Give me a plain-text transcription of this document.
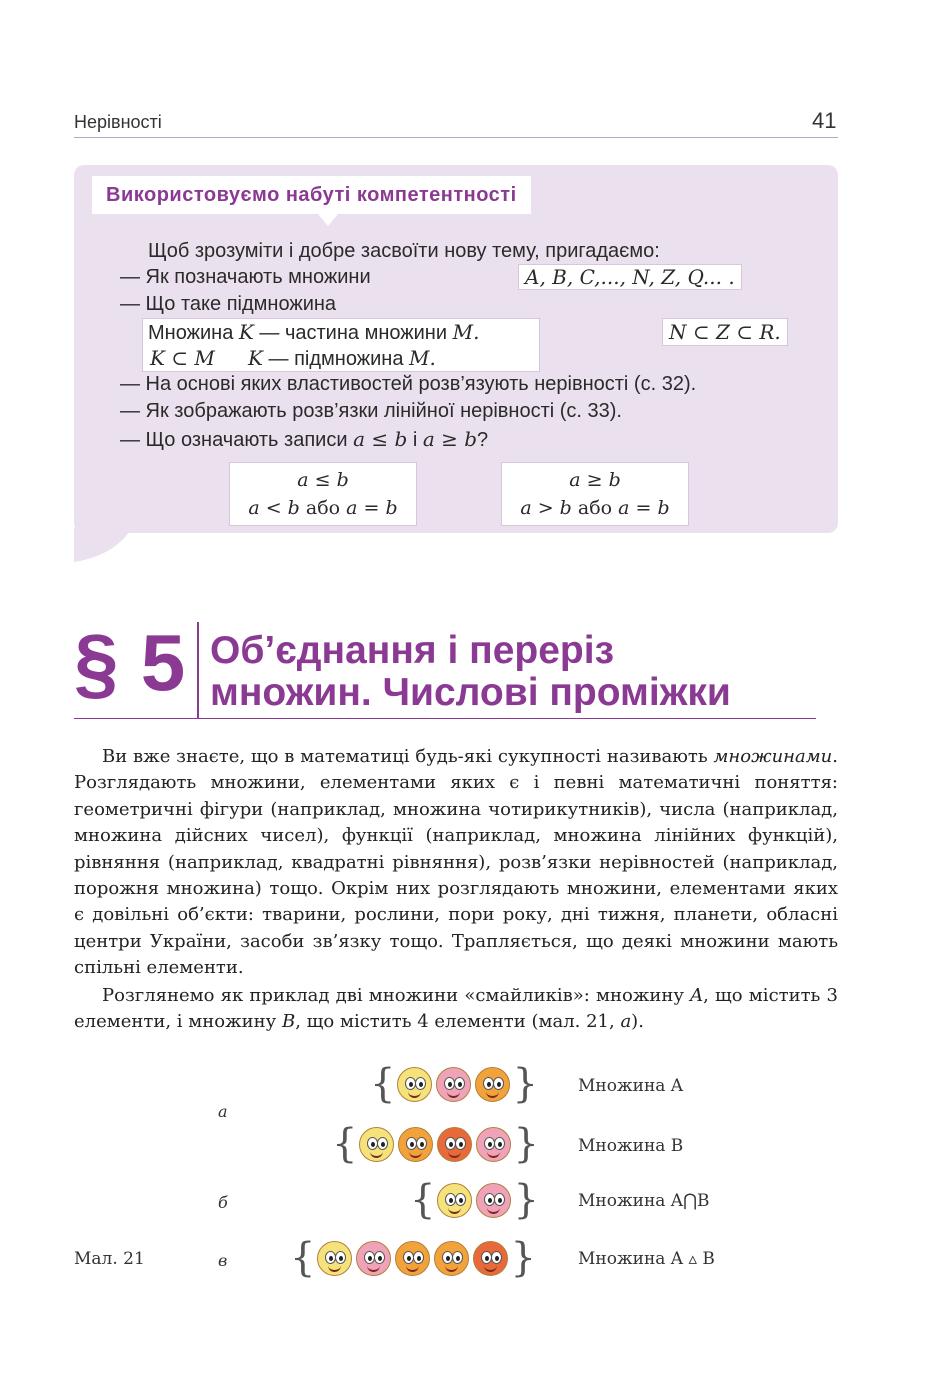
Нерівності	41
Використовуємо набуті компетентності
Щоб зрозуміти і добре засвоїти нову тему, пригадаємо:
— Як позначають множини	A, B, C,..., N, Z, Q... .
— Що таке підмножина
Множина K — частина множини M.
K ⊂ M K — підмножина M.
N ⊂ Z ⊂ R.
— На основі яких властивостей розв’язують нерівності (с. 32).
— Як зображають розв’язки лінійної нерівності (с. 33).
— Що означають записи a ≤ b і a ≥ b?
a ≤ b
a < b або a = b
a ≥ b
a > b або a = b
§ 5 Об’єднання і переріз
множин. Числові проміжки
Ви вже знаєте, що в математиці будь-які сукупності називають множинами. Розглядають множини, елементами яких є і певні математичні поняття: геометричні фігури (наприклад, множина чотирикутників), числа (наприклад, множина дійсних чисел), функції (наприклад, множина лінійних функцій), рівняння (наприклад, квадратні рівняння), розв’язки нерівностей (наприклад, порожня множина) тощо. Окрім них розглядають множини, елементами яких є довільні об’єкти: тварини, рослини, пори року, дні тижня, планети, обласні центри України, засоби зв’язку тощо. Трапляється, що деякі множини мають спільні елементи.
Розглянемо як приклад дві множини «смайликів»: множину A, що містить 3 елементи, і множину B, що містить 4 елементи (мал. 21, а).
а
б
в
Мал. 21
{	} Множина A
{	} Множина B
{ } Множина A⋂B
{	} Множина A ▵ B
